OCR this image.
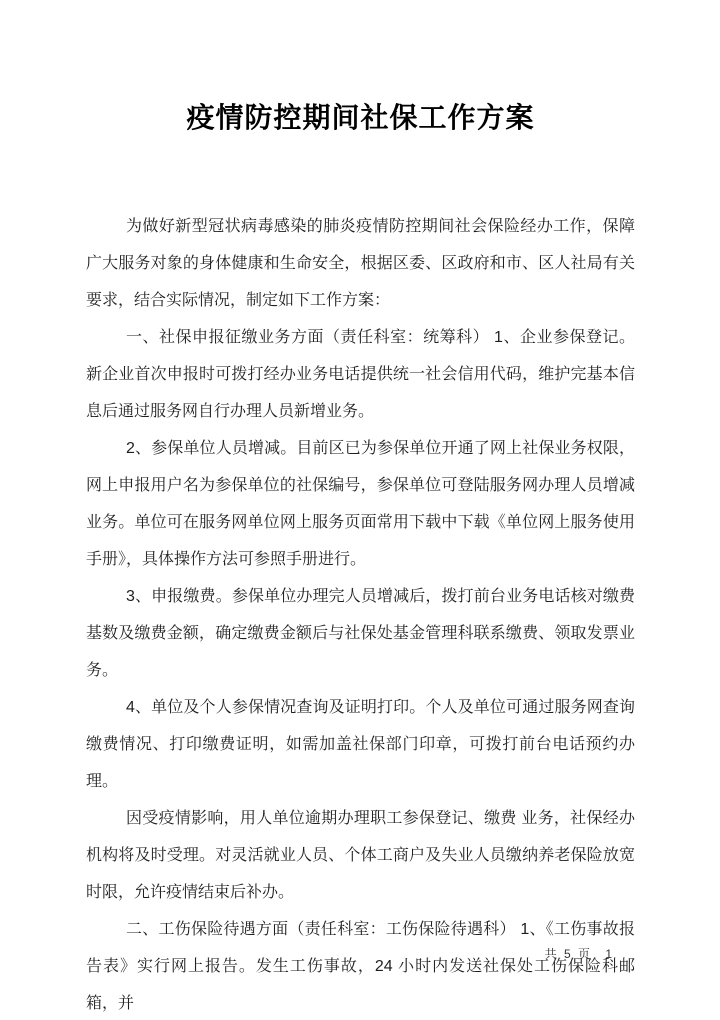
疫情防控期间社保工作方案

为做好新型冠状病毒感染的肺炎疫情防控期间社会保险经办工作，保障广大服务对象的身体健康和生命安全，根据区委、区政府和市、区人社局有关要求，结合实际情况，制定如下工作方案：

一、社保申报征缴业务方面（责任科室：统筹科） 1、企业参保登记。新企业首次申报时可拨打经办业务电话提供统一社会信用代码，维护完基本信息后通过服务网自行办理人员新增业务。

2、参保单位人员增减。目前区已为参保单位开通了网上社保业务权限，网上申报用户名为参保单位的社保编号，参保单位可登陆服务网办理人员增减业务。单位可在服务网单位网上服务页面常用下载中下载《单位网上服务使用手册》，具体操作方法可参照手册进行。

3、申报缴费。参保单位办理完人员增减后，拨打前台业务电话核对缴费基数及缴费金额，确定缴费金额后与社保处基金管理科联系缴费、领取发票业务。

4、单位及个人参保情况查询及证明打印。个人及单位可通过服务网查询缴费情况、打印缴费证明，如需加盖社保部门印章，可拨打前台电话预约办理。

因受疫情影响，用人单位逾期办理职工参保登记、缴费 业务，社保经办机构将及时受理。对灵活就业人员、个体工商户及失业人员缴纳养老保险放宽时限，允许疫情结束后补办。

二、工伤保险待遇方面（责任科室：工伤保险待遇科） 1、《工伤事故报告表》实行网上报告。发生工伤事故，24 小时内发送社保处工伤保险科邮箱，并

共 5 页 1
